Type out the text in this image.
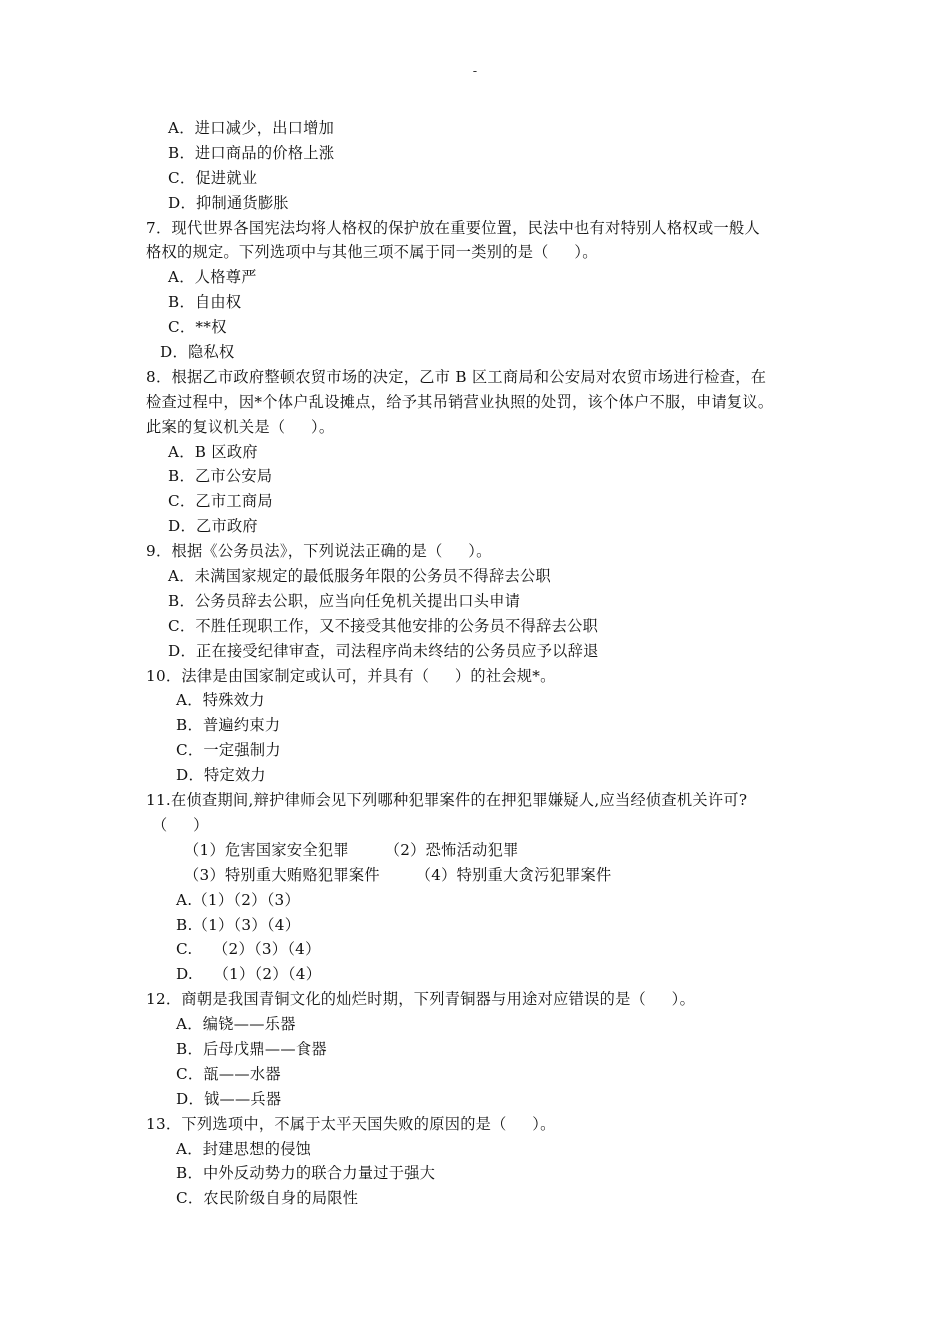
-
A．进口减少，出口增加
B．进口商品的价格上涨
C．促进就业
D．抑制通货膨胀
7．现代世界各国宪法均将人格权的保护放在重要位置，民法中也有对特别人格权或一般人
格权的规定。下列选项中与其他三项不属于同一类别的是（     ）。
A．人格尊严
B．自由权
C．**权
D．隐私权
8．根据乙市政府整顿农贸市场的决定，乙市 B 区工商局和公安局对农贸市场进行检查，在
检查过程中，因*个体户乱设摊点，给予其吊销营业执照的处罚，该个体户不服，申请复议。
此案的复议机关是（     ）。
A．B 区政府
B．乙市公安局
C．乙市工商局
D．乙市政府
9．根据《公务员法》，下列说法正确的是（     ）。
A．未满国家规定的最低服务年限的公务员不得辞去公职
B．公务员辞去公职，应当向任免机关提出口头申请
C．不胜任现职工作，又不接受其他安排的公务员不得辞去公职
D．正在接受纪律审查，司法程序尚未终结的公务员应予以辞退
10．法律是由国家制定或认可，并具有（     ）的社会规*。
A．特殊效力
B．普遍约束力
C．一定强制力
D．特定效力
11.在侦查期间,辩护律师会见下列哪种犯罪案件的在押犯罪嫌疑人,应当经侦查机关许可?
（     ）
（1）危害国家安全犯罪       （2）恐怖活动犯罪
（3）特别重大贿赂犯罪案件       （4）特别重大贪污犯罪案件
A.（1）（2）（3）
B.（1）（3）（4）
C.    （2）（3）（4）
D.    （1）（2）（4）
12．商朝是我国青铜文化的灿烂时期，下列青铜器与用途对应错误的是（     ）。
A．编铙——乐器
B．后母戊鼎——食器
C．瓿——水器
D．钺——兵器
13．下列选项中，不属于太平天国失败的原因的是（     ）。
A．封建思想的侵蚀
B．中外反动势力的联合力量过于强大
C．农民阶级自身的局限性
